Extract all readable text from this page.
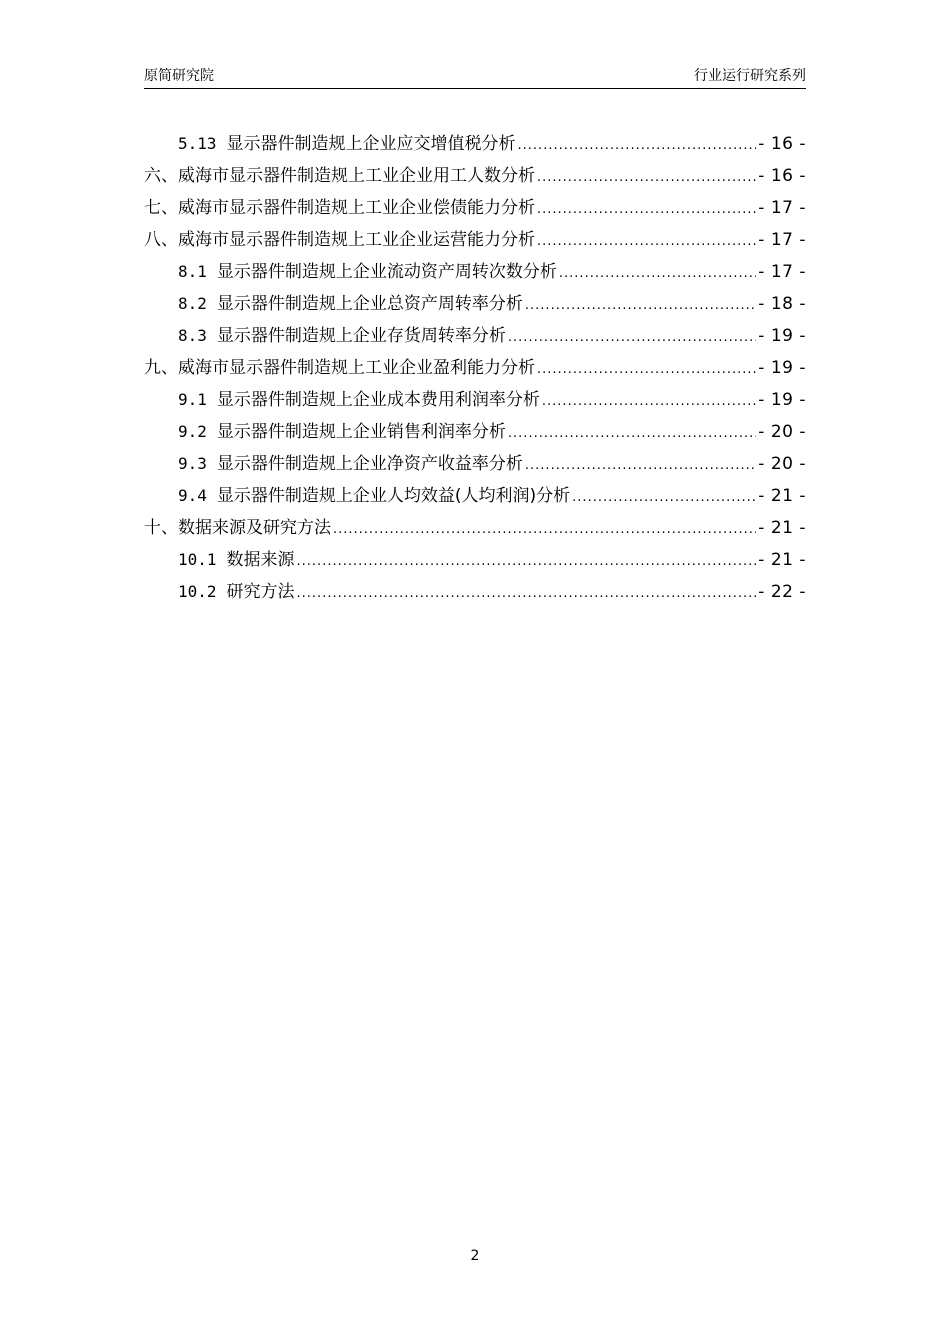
原简研究院	行业运行研究系列
5.13 显示器件制造规上企业应交增值税分析 .....	- 16 -
六、威海市显示器件制造规上工业企业用工人数分析 .....	- 16 -
七、威海市显示器件制造规上工业企业偿债能力分析 .....	- 17 -
八、威海市显示器件制造规上工业企业运营能力分析 .....	- 17 -
8.1 显示器件制造规上企业流动资产周转次数分析 .....	- 17 -
8.2 显示器件制造规上企业总资产周转率分析 .....	- 18 -
8.3 显示器件制造规上企业存货周转率分析 .....	- 19 -
九、威海市显示器件制造规上工业企业盈利能力分析 .....	- 19 -
9.1 显示器件制造规上企业成本费用利润率分析 .....	- 19 -
9.2 显示器件制造规上企业销售利润率分析 .....	- 20 -
9.3 显示器件制造规上企业净资产收益率分析 .....	- 20 -
9.4 显示器件制造规上企业人均效益(人均利润)分析 .....	- 21 -
十、数据来源及研究方法 .....	- 21 -
10.1 数据来源 .....	- 21 -
10.2 研究方法 .....	- 22 -
2
